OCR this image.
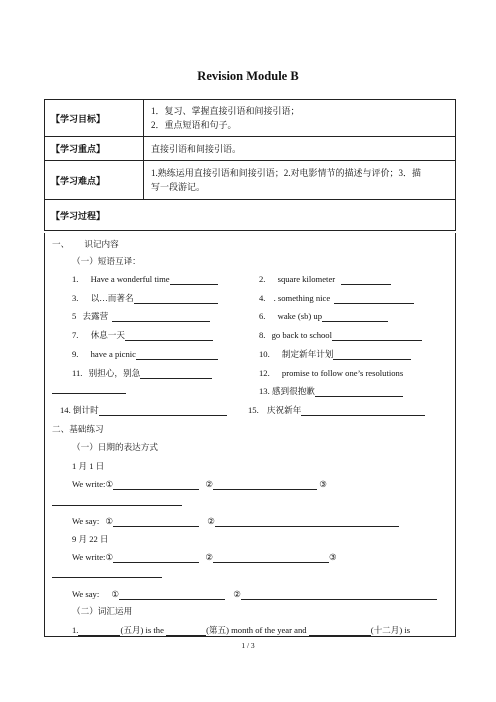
Revision Module B
【学习目标】	1．复习、掌握直接引语和间接引语；
2．重点短语和句子。

【学习重点】	直接引语和间接引语。
【学习难点】	1.熟练运用直接引语和间接引语；2.对电影情节的描述与评价；3．描
写一段游记。

【学习过程】	
一、 识记内容
（一）短语互译：
1. Have a wonderful time	2. square kilometer
3. 以…而著名	4. . something nice
5 去露营	6. wake (sb) up
7. 休息一天	8. go back to school
9. have a picnic	10. 制定新年计划
11. 别担心，别急	12. promise to follow one’s resolutions
13. 感到很抱歉
14. 倒计时	15. 庆祝新年
二、基础练习
（一）日期的表达方式
1 月 1 日
We write:①	②	③
We say: ①	②
9 月 22 日
We write:①	②	③
We say: ①	②
（二）词汇运用
1.	(五月) is the	(第五) month of the year and	(十二月) is
1 / 3
